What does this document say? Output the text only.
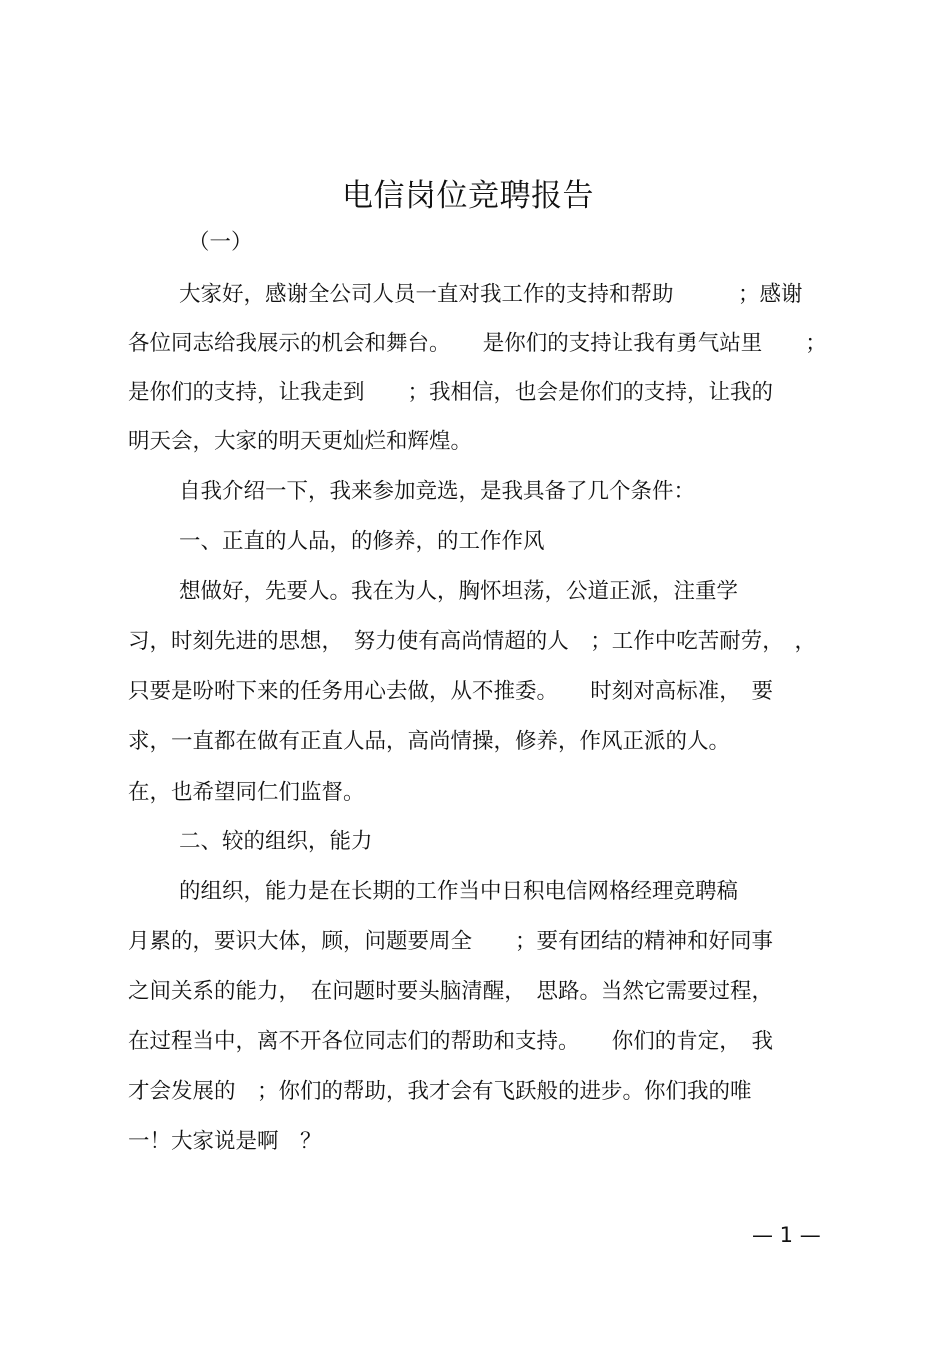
电信岗位竞聘报告
（一）
大家好，感谢全公司人员一直对我工作的支持和帮助　　　；感谢
各位同志给我展示的机会和舞台。　　是你们的支持让我有勇气站里　　；
是你们的支持，让我走到　　；我相信，也会是你们的支持，让我的
明天会，大家的明天更灿烂和辉煌。
自我介绍一下，我来参加竞选，是我具备了几个条件：
一、正直的人品，的修养，的工作作风
想做好，先要人。我在为人，胸怀坦荡，公道正派，注重学
习，时刻先进的思想，　努力使有高尚情超的人　；工作中吃苦耐劳，　，
只要是吩咐下来的任务用心去做，从不推委。　　时刻对高标准，　要
求，一直都在做有正直人品，高尚情操，修养，作风正派的人。
在，也希望同仁们监督。
二、较的组织，能力
的组织，能力是在长期的工作当中日积电信网格经理竞聘稿
月累的，要识大体，顾，问题要周全　　；要有团结的精神和好同事
之间关系的能力，　在问题时要头脑清醒，　思路。当然它需要过程，
在过程当中，离不开各位同志们的帮助和支持。　　你们的肯定，　我
才会发展的　；你们的帮助，我才会有飞跃般的进步。你们我的唯
一！大家说是啊　？
— 1 —
